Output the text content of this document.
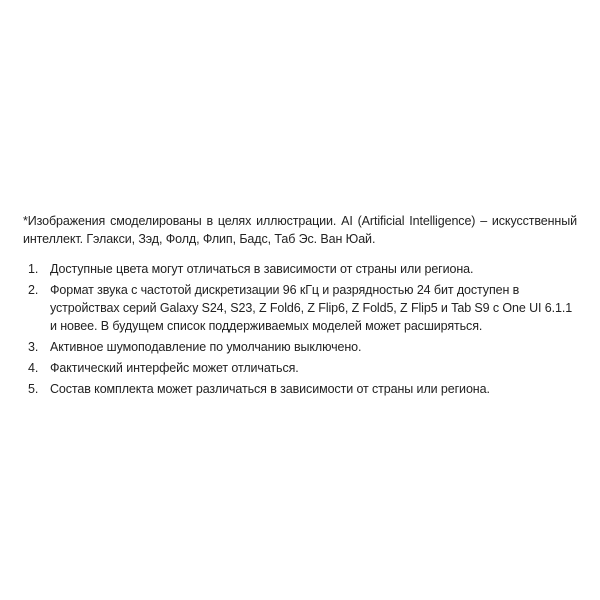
*Изображения смоделированы в целях иллюстрации. AI (Artificial Intelligence) – искусственный интеллект. Гэлакси, Зэд, Фолд, Флип, Бадс, Таб Эс. Ван Юай.

1. Доступные цвета могут отличаться в зависимости от страны или региона.
2. Формат звука с частотой дискретизации 96 кГц и разрядностью 24 бит доступен в устройствах серий Galaxy S24, S23, Z Fold6, Z Flip6, Z Fold5, Z Flip5 и Tab S9 с One UI 6.1.1 и новее. В будущем список поддерживаемых моделей может расширяться.
3. Активное шумоподавление по умолчанию выключено.
4. Фактический интерфейс может отличаться.
5. Состав комплекта может различаться в зависимости от страны или региона.
